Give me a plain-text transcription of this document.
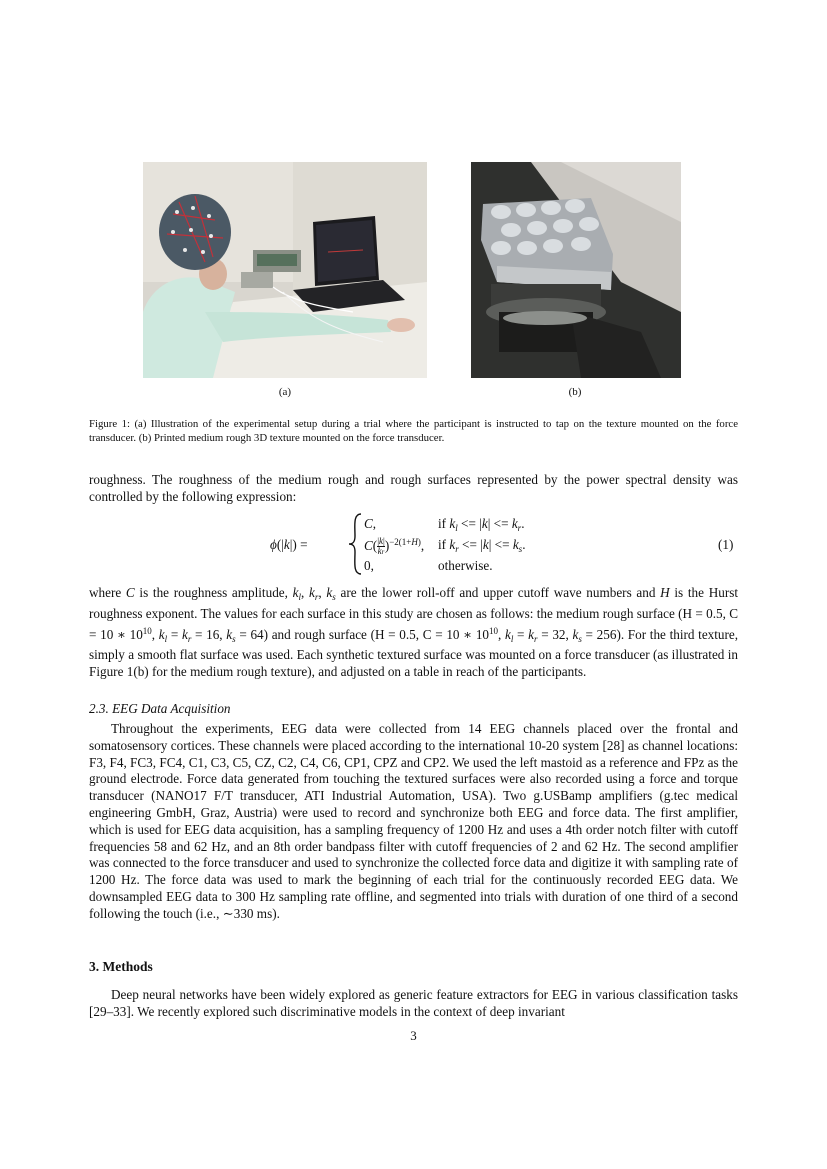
(a)	(b)

Figure 1: (a) Illustration of the experimental setup during a trial where the participant is instructed to tap on the texture mounted on the force transducer. (b) Printed medium rough 3D texture mounted on the force transducer.

roughness. The roughness of the medium rough and rough surfaces represented by the power spectral density was controlled by the following expression:

ϕ(|k|) =
C,
$C( \frac{|k|}{kr} )^{-2(1+H)}$,
0,
if $k_l <= |k| <= k_r$.
if $k_r <= |k| <= k_s$.
otherwise.
(1)

where C is the roughness amplitude, $k_l$, $k_r$, $k_s$ are the lower roll-off and upper cutoff wave numbers and H is the Hurst roughness exponent. The values for each surface in this study are chosen as follows: the medium rough surface (H = 0.5, C = 10 ∗ $10^{10}$, $k_l = k_r = 16$, $k_s = 64$) and rough surface (H = 0.5, C = 10 ∗ $10^{10}$, $k_l = k_r = 32$, $k_s = 256$). For the third texture, simply a smooth flat surface was used. Each synthetic textured surface was mounted on a force transducer (as illustrated in Figure 1(b) for the medium rough texture), and adjusted on a table in reach of the participants.

2.3. EEG Data Acquisition

Throughout the experiments, EEG data were collected from 14 EEG channels placed over the frontal and somatosensory cortices. These channels were placed according to the international 10-20 system [28] as channel locations: F3, F4, FC3, FC4, C1, C3, C5, CZ, C2, C4, C6, CP1, CPZ and CP2. We used the left mastoid as a reference and FPz as the ground electrode. Force data generated from touching the textured surfaces were also recorded using a force and torque transducer (NANO17 F/T transducer, ATI Industrial Automation, USA). Two g.USBamp amplifiers (g.tec medical engineering GmbH, Graz, Austria) were used to record and synchronize both EEG and force data. The first amplifier, which is used for EEG data acquisition, has a sampling frequency of 1200 Hz and uses a 4th order notch filter with cutoff frequencies 58 and 62 Hz, and an 8th order bandpass filter with cutoff frequencies of 2 and 62 Hz. The second amplifier was connected to the force transducer and used to synchronize the collected force data and digitize it with sampling rate of 1200 Hz. The force data was used to mark the beginning of each trial for the continuously recorded EEG data. We downsampled EEG data to 300 Hz sampling rate offline, and segmented into trials with duration of one third of a second following the touch (i.e., ∼330 ms).

3. Methods

Deep neural networks have been widely explored as generic feature extractors for EEG in various classification tasks [29–33]. We recently explored such discriminative models in the context of deep invariant

3
